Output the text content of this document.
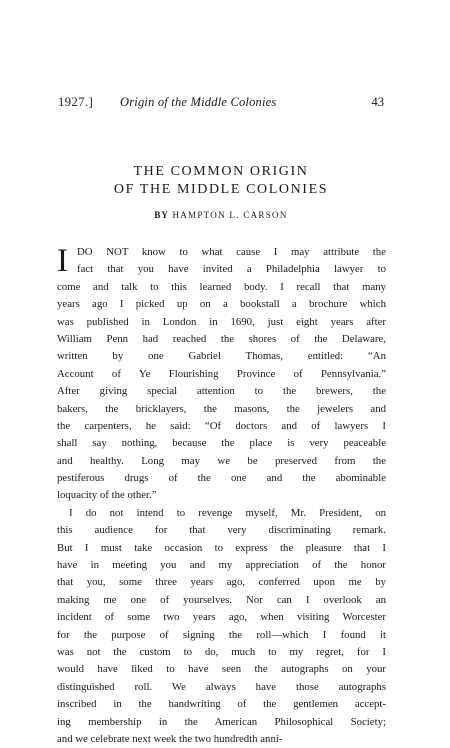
1927.] Origin of the Middle Colonies	43
THE COMMON ORIGIN
OF THE MIDDLE COLONIES
BY HAMPTON L. CARSON
I DO NOT know to what cause I may attribute the
fact that you have invited a Philadelphia lawyer to
come and talk to this learned body. I recall that many
years ago I picked up on a bookstall a brochure which
was published in London in 1690, just eight years after
William Penn had reached the shores of the Delaware,
written by one Gabriel Thomas, entitled: “An
Account of Ye Flourishing Province of Pennsylvania.”
After giving special attention to the brewers, the
bakers, the bricklayers, the masons, the jewelers and
the carpenters, he said: “Of doctors and of lawyers I
shall say nothing, because the place is very peaceable
and healthy. Long may we be preserved from the
pestiferous drugs of the one and the abominable
loquacity of the other.”
I do not intend to revenge myself, Mr. President, on
this audience for that very discriminating remark.
But I must take occasion to express the pleasure that I
have in meeting you and my appreciation of the honor
that you, some three years ago, conferred upon me by
making me one of yourselves. Nor can I overlook an
incident of some two years ago, when visiting Worcester
for the purpose of signing the roll—which I found it
was not the custom to do, much to my regret, for I
would have liked to have seen the autographs on your
distinguished roll. We always have those autographs
inscribed in the handwriting of the gentlemen accept-
ing membership in the American Philosophical Society;
and we celebrate next week the two hundredth anni-
